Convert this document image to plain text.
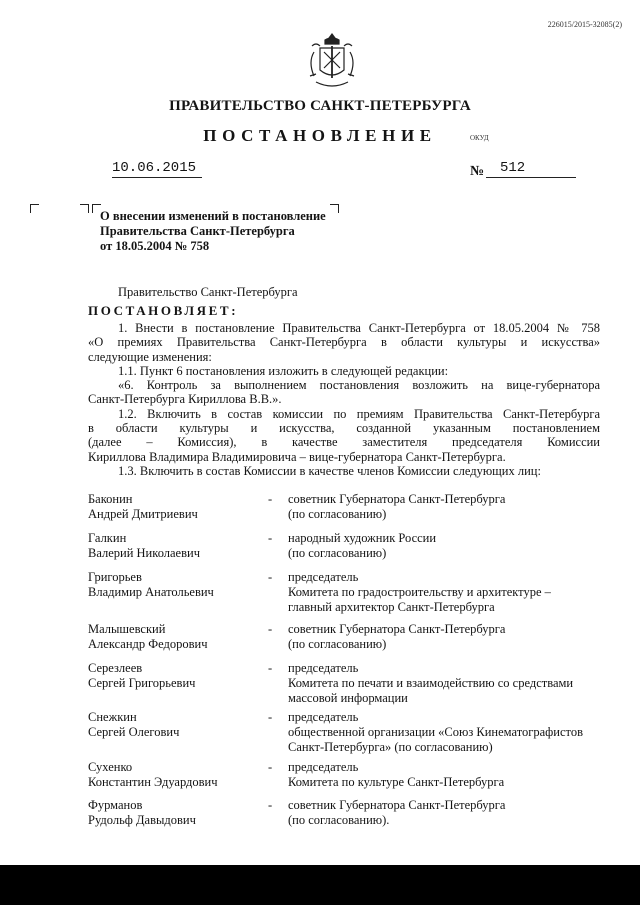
226015/2015-32085(2)
ПРАВИТЕЛЬСТВО САНКТ-ПЕТЕРБУРГА
ПОСТАНОВЛЕНИЕ	ОКУД
10.06.2015	№	512
О внесении изменений в постановление
Правительства Санкт-Петербурга
от 18.05.2004 № 758
Правительство Санкт-Петербурга
ПОСТАНОВЛЯЕТ:
1. Внести в постановление Правительства Санкт-Петербурга от 18.05.2004 № 758
«О премиях Правительства Санкт-Петербурга в области культуры и искусства»
следующие изменения:
1.1. Пункт 6 постановления изложить в следующей редакции:
«6. Контроль за выполнением постановления возложить на вице-губернатора
Санкт-Петербурга Кириллова В.В.».
1.2. Включить в состав комиссии по премиям Правительства Санкт-Петербурга
в области культуры и искусства, созданной указанным постановлением
(далее – Комиссия), в качестве заместителя председателя Комиссии
Кириллова Владимира Владимировича – вице-губернатора Санкт-Петербурга.
1.3. Включить в состав Комиссии в качестве членов Комиссии следующих лиц:
Баконин
Андрей Дмитриевич
- советник Губернатора Санкт-Петербурга
(по согласованию)
Галкин
Валерий Николаевич
- народный художник России
(по согласованию)
Григорьев
Владимир Анатольевич
- председатель
Комитета по градостроительству и архитектуре –
главный архитектор Санкт-Петербурга
Малышевский
Александр Федорович
- советник Губернатора Санкт-Петербурга
(по согласованию)
Серезлеев
Сергей Григорьевич
- председатель
Комитета по печати и взаимодействию со средствами
массовой информации
Снежкин
Сергей Олегович
- председатель
общественной организации «Союз Кинематографистов
Санкт-Петербурга» (по согласованию)
Сухенко
Константин Эдуардович
- председатель
Комитета по культуре Санкт-Петербурга
Фурманов
Рудольф Давыдович
- советник Губернатора Санкт-Петербурга
(по согласованию).
